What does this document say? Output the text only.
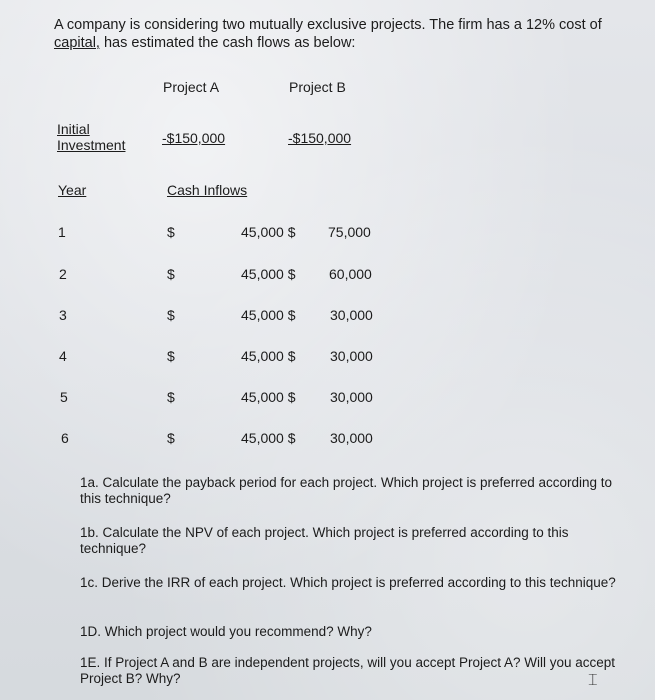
A company is considering two mutually exclusive projects. The firm has a 12% cost of
capital, has estimated the cash flows as below:
Project A	Project B
Initial
Investment	-$150,000	-$150,000
Year	Cash Inflows
1	$	45,000 $ 75,000
2	$	45,000 $ 60,000
3	$	45,000 $ 30,000
4	$	45,000 $ 30,000
5	$	45,000 $ 30,000
6	$	45,000 $ 30,000
1a. Calculate the payback period for each project. Which project is preferred according to this technique?
1b. Calculate the NPV of each project. Which project is preferred according to this technique?
1c. Derive the IRR of each project. Which project is preferred according to this technique?
1D. Which project would you recommend? Why?
1E. If Project A and B are independent projects, will you accept Project A? Will you accept Project B? Why?	⌶
